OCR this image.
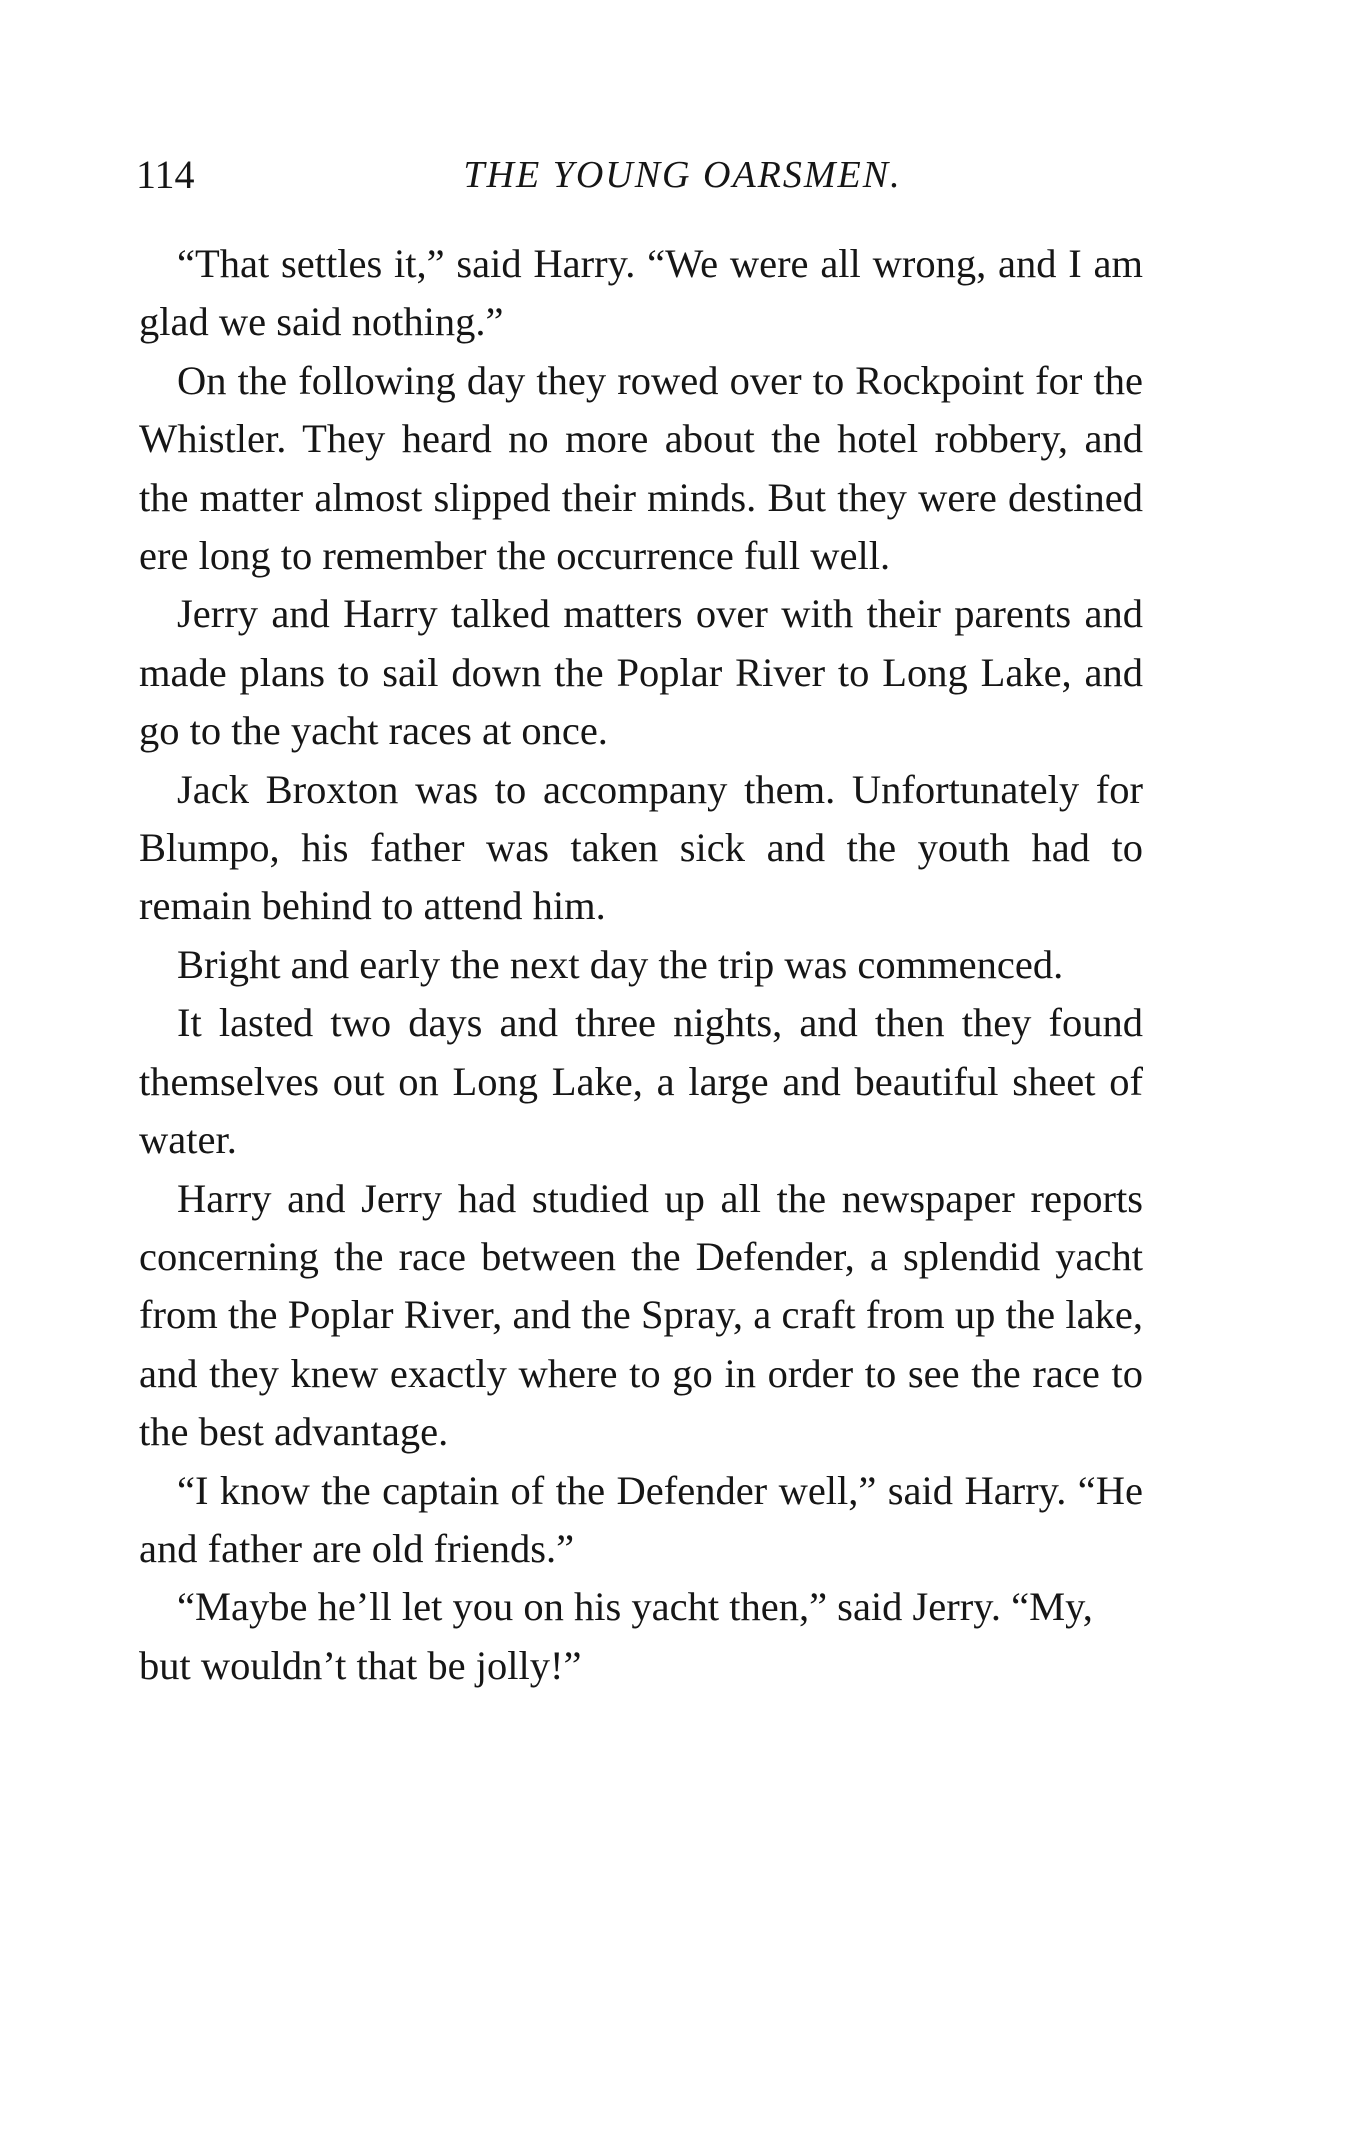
114	THE YOUNG OARSMEN.

“That settles it,” said Harry. “We were all wrong, and I am glad we said nothing.”

On the following day they rowed over to Rockpoint for the Whistler. They heard no more about the hotel robbery, and the matter almost slipped their minds. But they were destined ere long to remember the occurrence full well.

Jerry and Harry talked matters over with their parents and made plans to sail down the Poplar River to Long Lake, and go to the yacht races at once.

Jack Broxton was to accompany them. Unfortunately for Blumpo, his father was taken sick and the youth had to remain behind to attend him.

Bright and early the next day the trip was commenced.

It lasted two days and three nights, and then they found themselves out on Long Lake, a large and beautiful sheet of water.

Harry and Jerry had studied up all the newspaper reports concerning the race between the Defender, a splendid yacht from the Poplar River, and the Spray, a craft from up the lake, and they knew exactly where to go in order to see the race to the best advantage.

“I know the captain of the Defender well,” said Harry. “He and father are old friends.”

“Maybe he’ll let you on his yacht then,” said Jerry. “My, but wouldn’t that be jolly!”
